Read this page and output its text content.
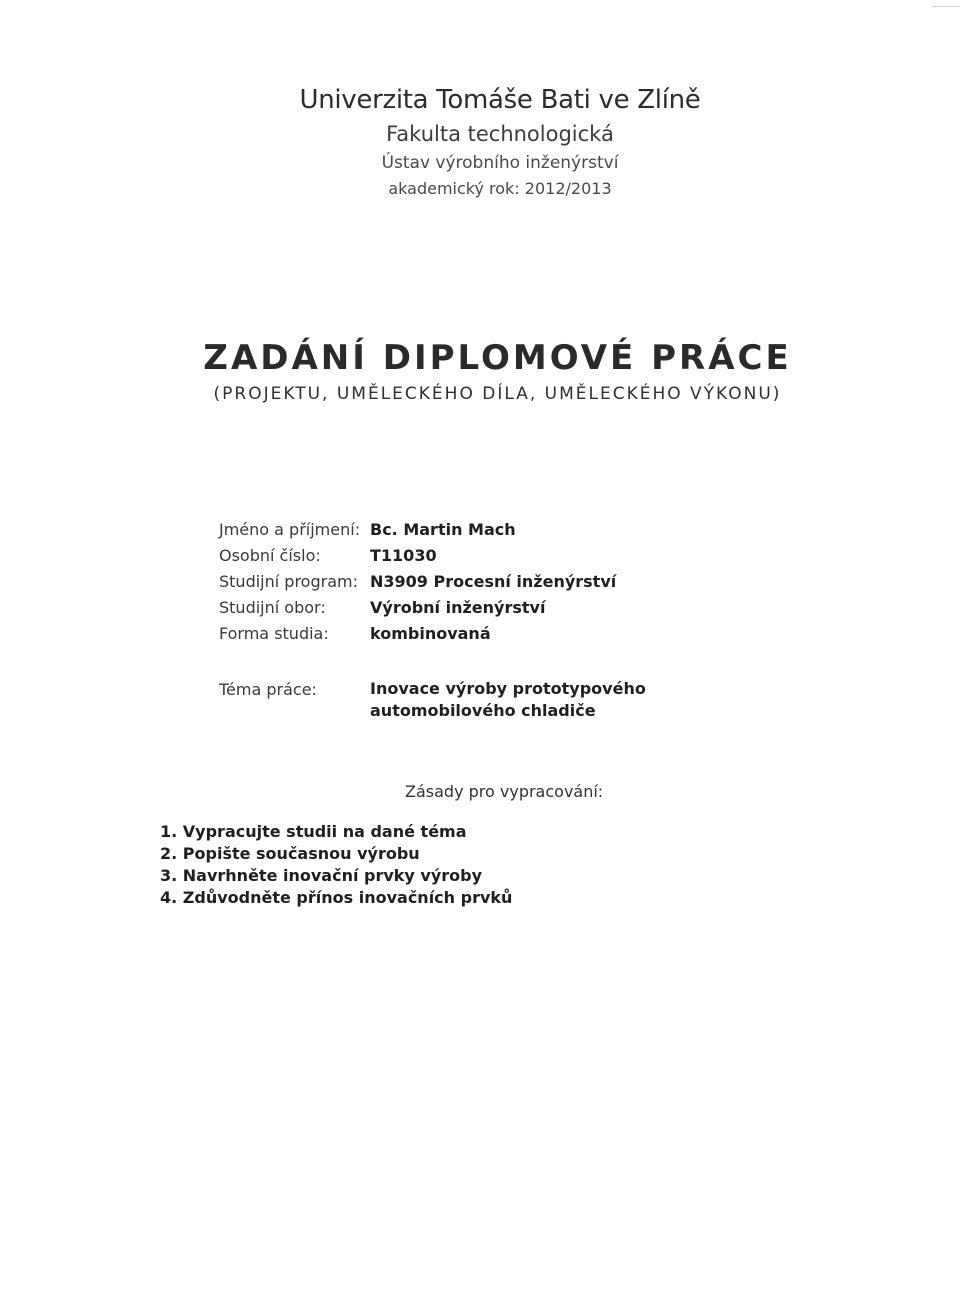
Univerzita Tomáše Bati ve Zlíně
Fakulta technologická
Ústav výrobního inženýrství
akademický rok: 2012/2013
ZADÁNÍ DIPLOMOVÉ PRÁCE
(PROJEKTU, UMĚLECKÉHO DÍLA, UMĚLECKÉHO VÝKONU)
Jméno a příjmení: Bc. Martin Mach
Osobní číslo:	T11030
Studijní program: N3909 Procesní inženýrství
Studijní obor:	Výrobní inženýrství
Forma studia:	kombinovaná
Téma práce:	Inovace výroby prototypového automobilového chladiče
Zásady pro vypracování:
1. Vypracujte studii na dané téma
2. Popište současnou výrobu
3. Navrhněte inovační prvky výroby
4. Zdůvodněte přínos inovačních prvků
